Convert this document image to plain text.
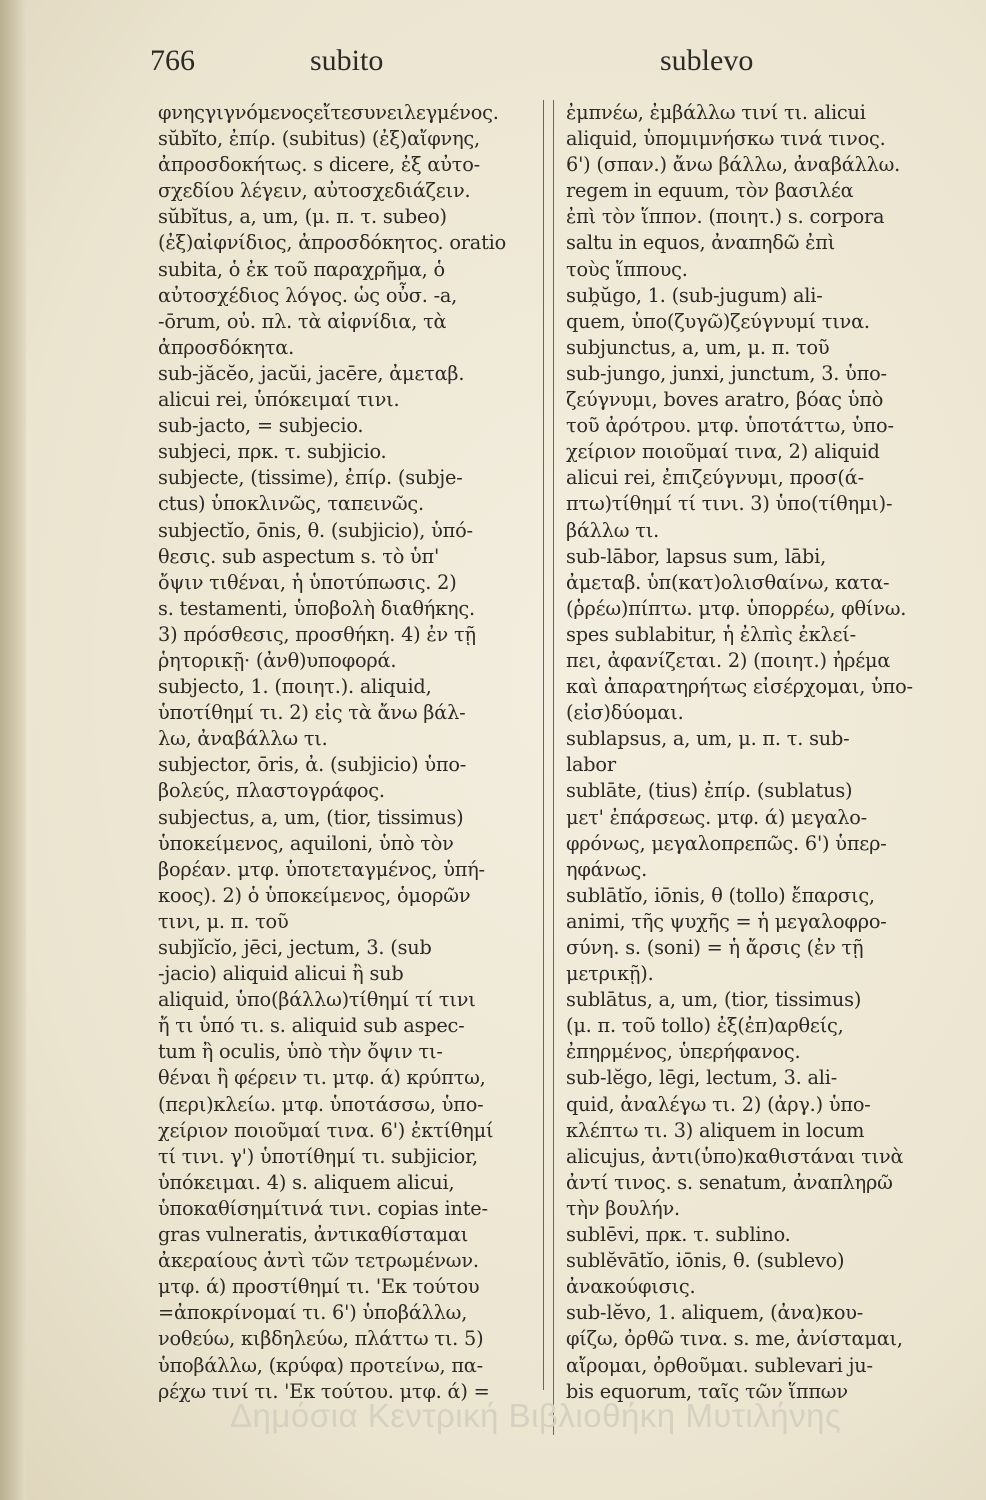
766	subito	sublevo
φνηςγιγνόμενοςεἴτεσυνειλεγμένος.
sŭbĭto, ἐπίρ. (subitus) (ἐξ)αἴφνης,
ἀπροσδοκήτως. s dicere, ἐξ αὐτο-
σχεδίου λέγειν, αὐτοσχεδιάζειν.
sŭbĭtus, a, um, (μ. π. τ. subeo)
(ἐξ)αἰφνίδιος, ἀπροσδόκητος. oratio
subita, ὁ ἐκ τοῦ παραχρῆμα, ὁ
αὐτοσχέδιος λόγος. ὡς οὖσ. -a,
-ōrum, οὐ. πλ. τὰ αἰφνίδια, τὰ
ἀπροσδόκητα.
sub-jăcĕo, jacŭi, jacēre, ἀμεταβ.
alicui rei, ὑπόκειμαί τινι.
sub-jacto, = subjecio.
subjeci, πρκ. τ. subjicio.
subjecte, (tissime), ἐπίρ. (subje-
ctus) ὑποκλινῶς, ταπεινῶς.
subjectĭo, ōnis, θ. (subjicio), ὑπό-
θεσις. sub aspectum s. τὸ ὑπ'
ὄψιν τιθέναι, ἡ ὑποτύπωσις. 2)
s. testamenti, ὑποβολὴ διαθήκης.
3) πρόσθεσις, προσθήκη. 4) ἐν τῇ
ῥητορικῇ· (ἀνθ)υποφορά.
subjecto, 1. (ποιητ.). aliquid,
ὑποτίθημί τι. 2) εἰς τὰ ἄνω βάλ-
λω, ἀναβάλλω τι.
subjector, ōris, ἀ. (subjicio) ὑπο-
βολεύς, πλαστογράφος.
subjectus, a, um, (tior, tissimus)
ὑποκείμενος, aquiloni, ὑπὸ τὸν
βορέαν. μτφ. ὑποτεταγμένος, ὑπή-
κοος). 2) ὁ ὑποκείμενος, ὁμορῶν
τινι, μ. π. τοῦ
subjĭcĭo, jēci, jectum, 3. (sub
-jacio) aliquid alicui ἢ sub
aliquid, ὑπο(βάλλω)τίθημί τί τινι
ἤ τι ὑπό τι. s. aliquid sub aspec-
tum ἢ oculis, ὑπὸ τὴν ὄψιν τι-
θέναι ἢ φέρειν τι. μτφ. ά) κρύπτω,
(περι)κλείω. μτφ. ὑποτάσσω, ὑπο-
χείριον ποιοῦμαί τινα. 6') ἐκτίθημί
τί τινι. γ') ὑποτίθημί τι. subjicior,
ὑπόκειμαι. 4) s. aliquem alicui,
ὑποκαθίσημίτινά τινι. copias inte-
gras vulneratis, ἀντικαθίσταμαι
ἀκεραίους ἀντὶ τῶν τετρωμένων.
μτφ. ά) προστίθημί τι. 'Εκ τούτου
=ἀποκρίνομαί τι. 6') ὑποβάλλω,
νοθεύω, κιβδηλεύω, πλάττω τι. 5)
ὑποβάλλω, (κρύφα) προτείνω, πα-
ρέχω τινί τι. 'Εκ τούτου. μτφ. ά) =
ἐμπνέω, ἐμβάλλω τινί τι. alicui
aliquid, ὑπομιμνήσκω τινά τινος.
6') (σπαν.) ἄνω βάλλω, ἀναβάλλω.
regem in equum, τὸν βασιλέα
ἐπὶ τὸν ἵππον. (ποιητ.) s. corpora
saltu in equos, ἀναπηδῶ ἐπὶ
τοὺς ἵππους.
sub̯ŭgo, 1. (sub-jugum) ali-
quem, ὑπο(ζυγῶ)ζεύγνυμί τινα.
subjunctus, a, um, μ. π. τοῦ
sub-jungo, junxi, junctum, 3. ὑπο-
ζεύγνυμι, boves aratro, βόας ὑπὸ
τοῦ ἀρότρου. μτφ. ὑποτάττω, ὑπο-
χείριον ποιοῦμαί τινα, 2) aliquid
alicui rei, ἐπιζεύγνυμι, προσ(ά-
πτω)τίθημί τί τινι. 3) ὑπο(τίθημι)-
βάλλω τι.
sub-lābor, lapsus sum, lābi,
ἀμεταβ. ὑπ(κατ)ολισθαίνω, κατα-
(ῥρέω)πίπτω. μτφ. ὑπορρέω, φθίνω.
spes sublabitur, ἡ ἐλπὶς ἐκλεί-
πει, ἀφανίζεται. 2) (ποιητ.) ἠρέμα
καὶ ἀπαρατηρήτως εἰσέρχομαι, ὑπο-
(εἰσ)δύομαι.
sublapsus, a, um, μ. π. τ. sub-
labor
sublāte, (tius) ἐπίρ. (sublatus)
μετ' ἐπάρσεως. μτφ. ά) μεγαλο-
φρόνως, μεγαλοπρεπῶς. 6') ὑπερ-
ηφάνως.
sublātĭo, iōnis, θ (tollo) ἔπαρσις,
animi, τῆς ψυχῆς = ἡ μεγαλοφρο-
σύνη. s. (soni) = ἡ ἄρσις (ἐν τῇ
μετρικῇ).
sublātus, a, um, (tior, tissimus)
(μ. π. τοῦ tollo) ἐξ(ἐπ)αρθείς,
ἐπηρμένος, ὑπερήφανος.
sub-lĕgo, lēgi, lectum, 3. ali-
quid, ἀναλέγω τι. 2) (ἀργ.) ὑπο-
κλέπτω τι. 3) aliquem in locum
alicujus, ἀντι(ὑπο)καθιστάναι τινὰ
ἀντί τινος. s. senatum, ἀναπληρῶ
τὴν βουλήν.
sublēvi, πρκ. τ. sublino.
sublĕvātĭo, iōnis, θ. (sublevo)
ἀνακούφισις.
sub-lĕvo, 1. aliquem, (ἀνα)κου-
φίζω, ὀρθῶ τινα. s. me, ἀνίσταμαι,
αἴρομαι, ὀρθοῦμαι. sublevari ju-
bis equorum, ταῖς τῶν ἵππων
Δημόσια Κεντρική Βιβλιοθήκη Μυτιλήνης
